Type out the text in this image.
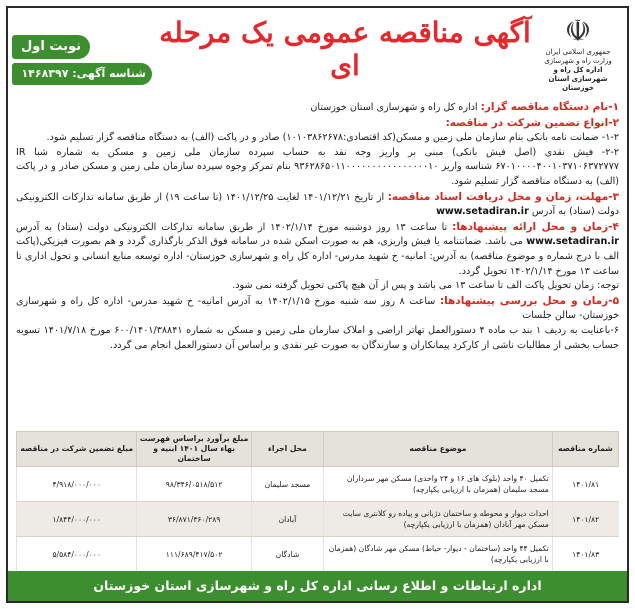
☫
جمهوری اسلامی ایران
وزارت راه و شهرسازی
اداره کل راه و شهرسازی استان خوزستان
آگهی مناقصه عمومی یک مرحله ای
نوبت اول
شناسه آگهی: ۱۴۶۸۳۹۷

۱-نام دستگاه مناقصه گزار: اداره کل راه و شهرسازی استان خوزستان

۲-انواع تضمین شرکت در مناقصه:

۱-۲- ضمانت نامه بانکی بنام سازمان ملی زمین و مسکن(کد اقتصادی:۱۰۱۰۳۸۶۲۶۷۸) صادر و در پاکت (الف) به دستگاه مناقصه گزار تسلیم شود.

۲-۲- فیش نقدی (اصل فیش بانکی) مبنی بر واریز وجه نقد به حساب سپرده سازمان ملی زمین و مسکن به شماره شبا IR ۶۷۰۱۰۰۰۰۴۰۰۱۰۳۷۱۰۶۳۷۲۷۷۷ شناسه واریز ۹۳۶۲۸۶۵۰۱۱۰۰۰۰۰۰۰۰۰۰۰۰۰۰۰۰۱۰ بنام تمرکز وجوه سپرده سازمان ملی زمین و مسکن صادر و در پاکت (الف) به دستگاه مناقصه گزار تسلیم شود.

۳-مهلت، زمان و محل دریافت اسناد مناقصه: از تاریخ ۱۴۰۱/۱۲/۲۱ لغایت ۱۴۰۱/۱۲/۲۵ (تا ساعت ۱۹) از طریق سامانه تدارکات الکترونیکی دولت (ستاد) به آدرس www.setadiran.ir

۴-زمان و محل ارائه پیشنهادها: تا ساعت ۱۳ روز دوشنبه مورخ ۱۴۰۲/۱/۱۴ از طریق سامانه تدارکات الکترونیکی دولت (ستاد) به آدرس www.setadiran.ir می باشد. ضمانتنامه یا فیش واریزی، هم به صورت اسکن شده در سامانه فوق الذکر بارگذاری گردد و هم بصورت فیزیکی(پاکت الف با درج شماره و موضوع مناقصه) به آدرس: امانیه- خ شهید مدرس- اداره کل راه و شهرسازی خوزستان- اداره توسعه منابع انسانی و تحول اداری تا ساعت ۱۳ مورخ ۱۴۰۲/۱/۱۴ تحویل گردد.

توجه: زمان تحویل پاکت الف تا ساعت ۱۳ می باشد و پس از آن هیچ پاکتی تحویل گرفته نمی شود.

۵-زمان و محل بررسی پیشنهادها: ساعت ۸ روز سه شنبه مورخ ۱۴۰۲/۱/۱۵ به آدرس امانیه- خ شهید مدرس- اداره کل راه و شهرسازی خوزستان- سالن جلسات

۶-باعنایت به ردیف ۱ بند ب ماده ۴ دستورالعمل تهاتر اراضی و املاک سازمان ملی زمین و مسکن به شماره ۶۰۰/۱۴۰۱/۳۸۸۴۱ مورخ ۱۴۰۱/۷/۱۸ تسویه حساب بخشی از مطالبات ناشی از کارکرد پیمانکاران و سازندگان به صورت غیر نقدی و براساس آن دستورالعمل انجام می گردد.

شماره مناقصه	موضوع مناقصه	محل اجراء	مبلغ برآورد براساس فهرست بهاء سال ۱۴۰۱ ابنیه و ساختمان	مبلغ تضمین شرکت در مناقصه
۱۴۰۱/۸۱	تکمیل ۴۰ واحد (بلوک های ۱۶ و ۲۴ واحدی) مسکن مهر سرداران مسجد سلیمان (همزمان با ارزیابی یکپارچه)	مسجد سلیمان	۹۸/۳۴۶/۰۵۱۸/۵۱۲	۴/۹۱۸/۰۰۰/۰۰۰
۱۴۰۱/۸۲	احداث دیوار و محوطه و ساختمان دژبانی و پیاده رو کلانتری سایت مسکن مهر آبادان (همزمان با ارزیابی یکپارچه)	آبادان	۳۶/۸۷۱/۳۶۰/۲۸۹	۱/۸۴۴/۰۰۰/۰۰۰
۱۴۰۱/۸۳	تکمیل ۴۴ واحد (ساختمان - دیوار- حیاط) مسکن مهر شادگان (همزمان با ارزیابی یکپارچه)	شادگان	۱۱۱/۶۸۹/۴۱۷/۵۰۲	۵/۵۸۴/۰۰۰/۰۰۰
اداره ارتباطات و اطلاع رسانی اداره کل راه و شهرسازی استان خوزستان
